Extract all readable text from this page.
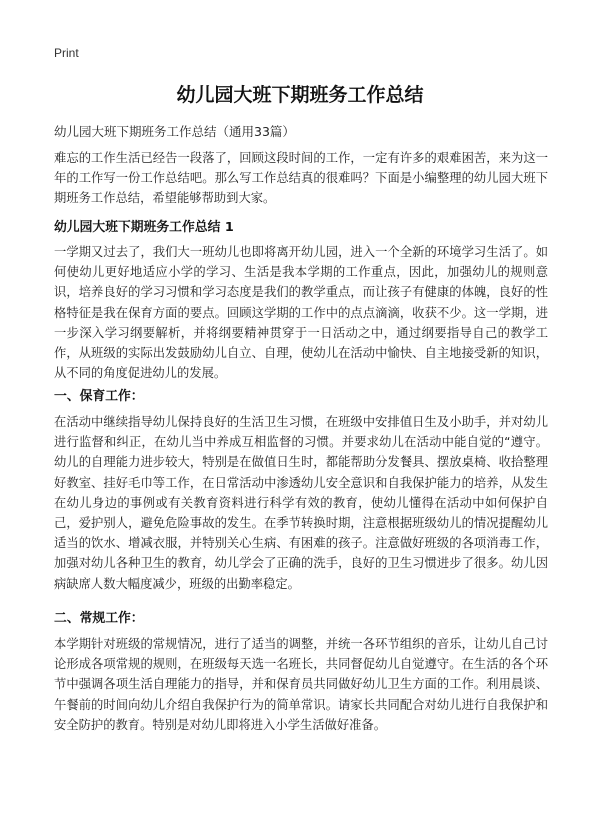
Print
幼儿园大班下期班务工作总结
幼儿园大班下期班务工作总结（通用33篇）

难忘的工作生活已经告一段落了，回顾这段时间的工作，一定有许多的艰难困苦，来为这一年的工作写一份工作总结吧。那么写工作总结真的很难吗？下面是小编整理的幼儿园大班下期班务工作总结，希望能够帮助到大家。

幼儿园大班下期班务工作总结 1

一学期又过去了，我们大一班幼儿也即将离开幼儿园，进入一个全新的环境学习生活了。如何使幼儿更好地适应小学的学习、生活是我本学期的工作重点，因此，加强幼儿的规则意识，培养良好的学习习惯和学习态度是我们的教学重点，而让孩子有健康的体魄，良好的性格特征是我在保育方面的要点。回顾这学期的工作中的点点滴滴，收获不少。这一学期，进一步深入学习纲要解析，并将纲要精神贯穿于一日活动之中，通过纲要指导自己的教学工作，从班级的实际出发鼓励幼儿自立、自理，使幼儿在活动中愉快、自主地接受新的知识，从不同的角度促进幼儿的发展。

一、保育工作：

在活动中继续指导幼儿保持良好的生活卫生习惯，在班级中安排值日生及小助手，并对幼儿进行监督和纠正，在幼儿当中养成互相监督的习惯。并要求幼儿在活动中能自觉的“遵守。幼儿的自理能力进步较大，特别是在做值日生时，都能帮助分发餐具、摆放桌椅、收拾整理好教室、挂好毛巾等工作，在日常活动中渗透幼儿安全意识和自我保护能力的培养，从发生在幼儿身边的事例或有关教育资料进行科学有效的教育，使幼儿懂得在活动中如何保护自己，爱护别人，避免危险事故的发生。在季节转换时期，注意根据班级幼儿的情况提醒幼儿适当的饮水、增减衣服，并特别关心生病、有困难的孩子。注意做好班级的各项消毒工作，加强对幼儿各种卫生的教育，幼儿学会了正确的洗手，良好的卫生习惯进步了很多。幼儿因病缺席人数大幅度减少，班级的出勤率稳定。

二、常规工作：

本学期针对班级的常规情况，进行了适当的调整，并统一各环节组织的音乐，让幼儿自己讨论形成各项常规的规则，在班级每天选一名班长，共同督促幼儿自觉遵守。在生活的各个环节中强调各项生活自理能力的指导，并和保育员共同做好幼儿卫生方面的工作。利用晨谈、午餐前的时间向幼儿介绍自我保护行为的简单常识。请家长共同配合对幼儿进行自我保护和安全防护的教育。特别是对幼儿即将进入小学生活做好准备。
